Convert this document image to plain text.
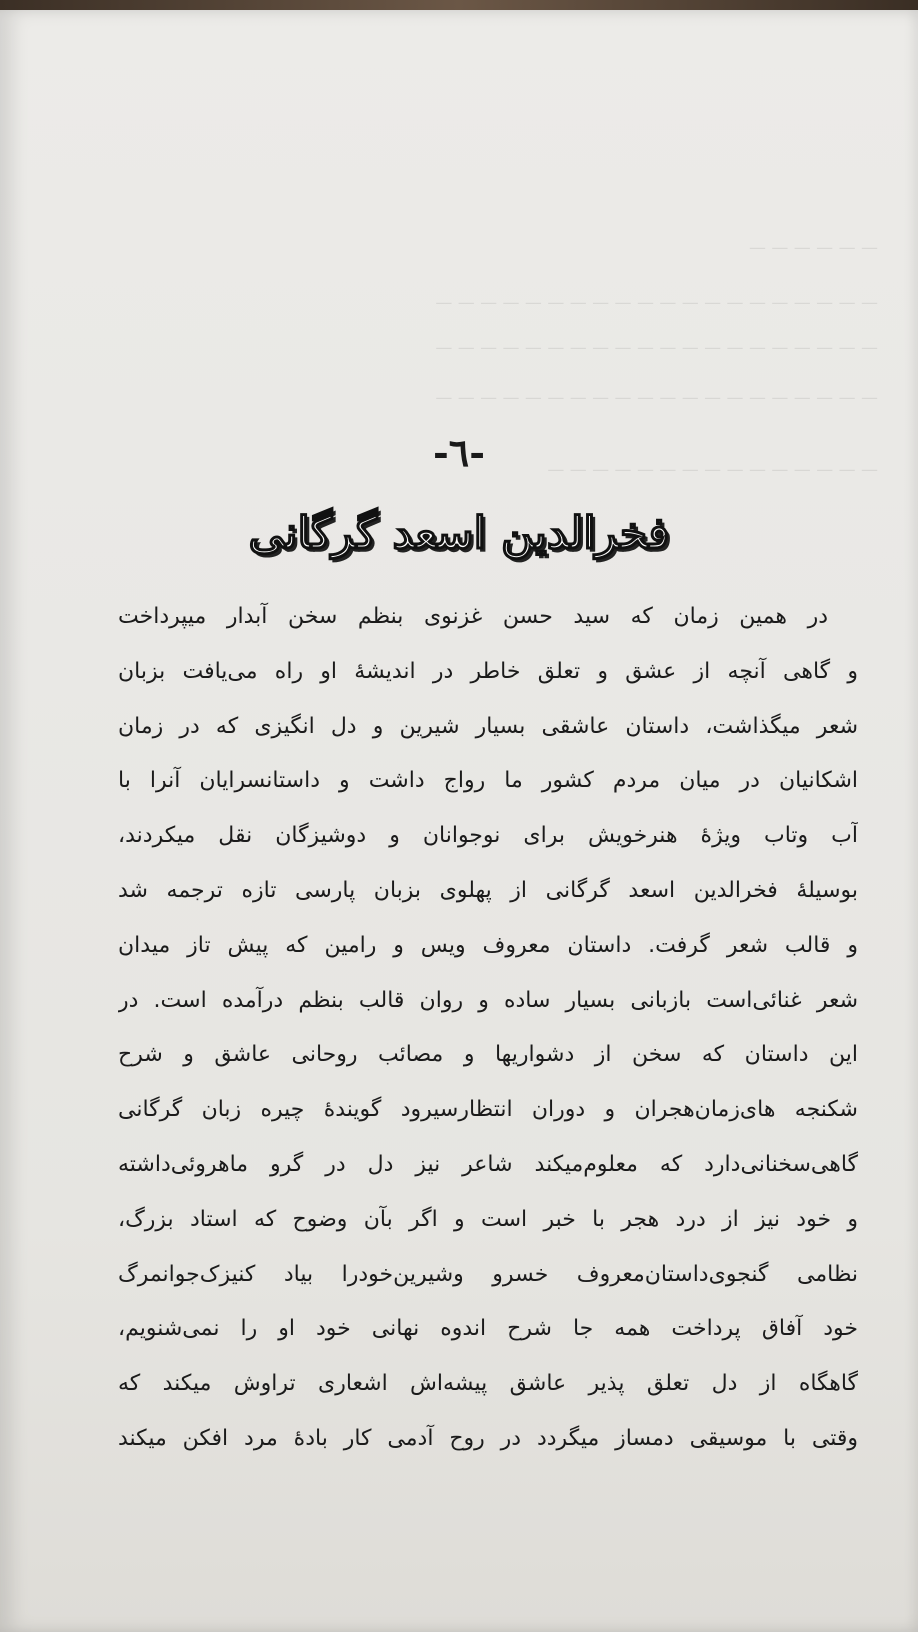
— — — — — —
— — — — — — — — — — — — — — — — — — — —
— — — — — — — — — — — — — — — — — — — —
— — — — — — — — — — — — — — — — — — — —
— — — — — — — — — — — — — — —
-٦-
فخرالدین اسعد گرگانی
در همین زمان که سید حسن غزنوی بنظم سخن آبدار میپرداخت
و گاهی آنچه از عشق و تعلق خاطر در اندیشهٔ او راه می‌یافت بزبان
شعر میگذاشت، داستان عاشقی بسیار شیرین و دل انگیزی که در زمان
اشکانیان در میان مردم کشور ما رواج داشت و داستانسرایان آنرا با
آب وتاب ویژهٔ هنرخویش برای نوجوانان و دوشیزگان نقل میکردند،
بوسیلهٔ فخرالدین اسعد گرگانی از پهلوی بزبان پارسی تازه ترجمه شد
و قالب شعر گرفت. داستان معروف ویس و رامین که پیش تاز میدان
شعر غنائی‌است بازبانی بسیار ساده و روان قالب بنظم درآمده است. در
این داستان که سخن از دشواریها و مصائب روحانی عاشق و شرح
شکنجه های‌زمان‌هجران و دوران انتظارسیرود گویندهٔ چیره زبان گرگانی
گاهی‌سخنانی‌دارد که معلوم‌میکند شاعر نیز دل در گرو ماهروئی‌داشته
و خود نیز از درد هجر با خبر است و اگر بآن وضوح که استاد بزرگ،
نظامی گنجوی‌داستان‌معروف خسرو وشیرین‌خود‌را بیاد کنیزک‌جوانمرگ
خود آفاق پرداخت همه جا شرح اندوه نهانی خود او را نمی‌شنویم،
گاهگاه از دل تعلق پذیر عاشق پیشه‌اش اشعاری تراوش میکند که
وقتی با موسیقی دمساز میگردد در روح آدمی کار بادهٔ مرد افکن میکند
